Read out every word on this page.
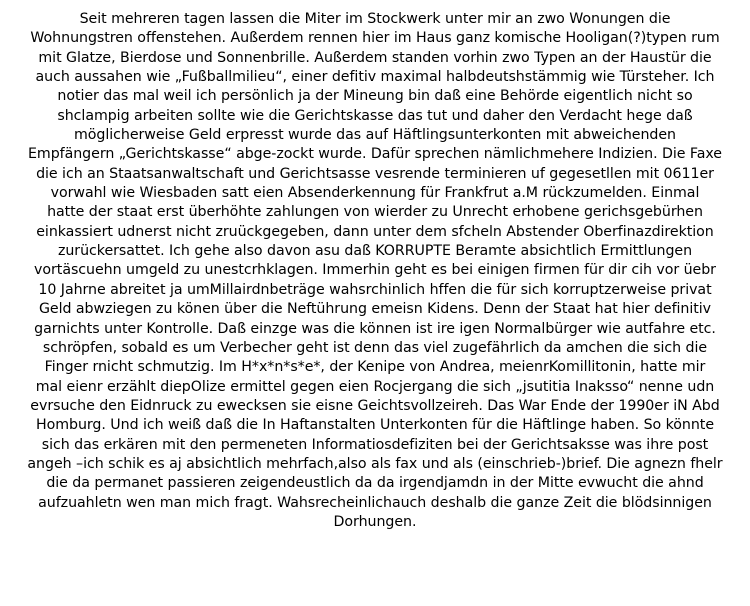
Seit mehreren tagen lassen die Miter im Stockwerk unter mir an zwo Wonungen die
Wohnungstren offenstehen. Außerdem rennen hier im Haus ganz komische Hooligan(?)typen rum
mit Glatze, Bierdose und Sonnenbrille. Außerdem standen vorhin zwo Typen an der Haustür die
auch aussahen wie „Fußballmilieu“, einer defitiv maximal halbdeutshstämmig wie Türsteher. Ich
notier das mal weil ich persönlich ja der Mineung bin daß eine Behörde eigentlich nicht so
shclampig arbeiten sollte wie die Gerichtskasse das tut und daher den Verdacht hege daß
möglicherweise Geld erpresst wurde das auf Häftlingsunterkonten mit abweichenden
Empfängern „Gerichtskasse“ abge-zockt wurde. Dafür sprechen nämlichmehere Indizien. Die Faxe
die ich an Staatsanwaltschaft und Gerichtsasse vesrende terminieren uf gegesetllen mit 0611er
vorwahl wie Wiesbaden satt eien Absenderkennung für Frankfrut a.M rückzumelden. Einmal
hatte der staat erst überhöhte zahlungen von wierder zu Unrecht erhobene gerichsgebürhen
einkassiert udnerst nicht zruückgegeben, dann unter dem sfcheln Abstender Oberfinazdirektion
zurückersattet. Ich gehe also davon asu daß KORRUPTE Beramte absichtlich Ermittlungen
vortäscuehn umgeld zu unestcrhklagen. Immerhin geht es bei einigen firmen für dir cih vor üebr
10 Jahrne abreitet ja umMillairdnbeträge wahsrchinlich hffen die für sich korruptzerweise privat
Geld abwziegen zu könen über die Neftührung emeisn Kidens. Denn der Staat hat hier definitiv
garnichts unter Kontrolle. Daß einzge was die können ist ire igen Normalbürger wie autfahre etc.
schröpfen, sobald es um Verbecher geht ist denn das viel zugefährlich da amchen die sich die
Finger rnicht schmutzig. Im H*x*n*s*e*, der Kenipe von Andrea, meienrKomillitonin, hatte mir
mal eienr erzählt diepOlize ermittel gegen eien Rocjergang die sich „jsutitia Inaksso“ nenne udn
evrsuche den Eidnruck zu ewecksen sie eisne Geichtsvollzeireh. Das War Ende der 1990er iN Abd
Homburg. Und ich weiß daß die In Haftanstalten Unterkonten für die Häftlinge haben. So könnte
sich das erkären mit den permeneten Informatiosdefiziten bei der Gerichtsaksse was ihre post
angeh –ich schik es aj absichtlich mehrfach,also als fax und als (einschrieb-)brief. Die agnezn fhelr
die da permanet passieren zeigendeustlich da da irgendjamdn in der Mitte evwucht die ahnd
aufzuahletn wen man mich fragt. Wahsrecheinlichauch deshalb die ganze Zeit die blödsinnigen
Dorhungen.
